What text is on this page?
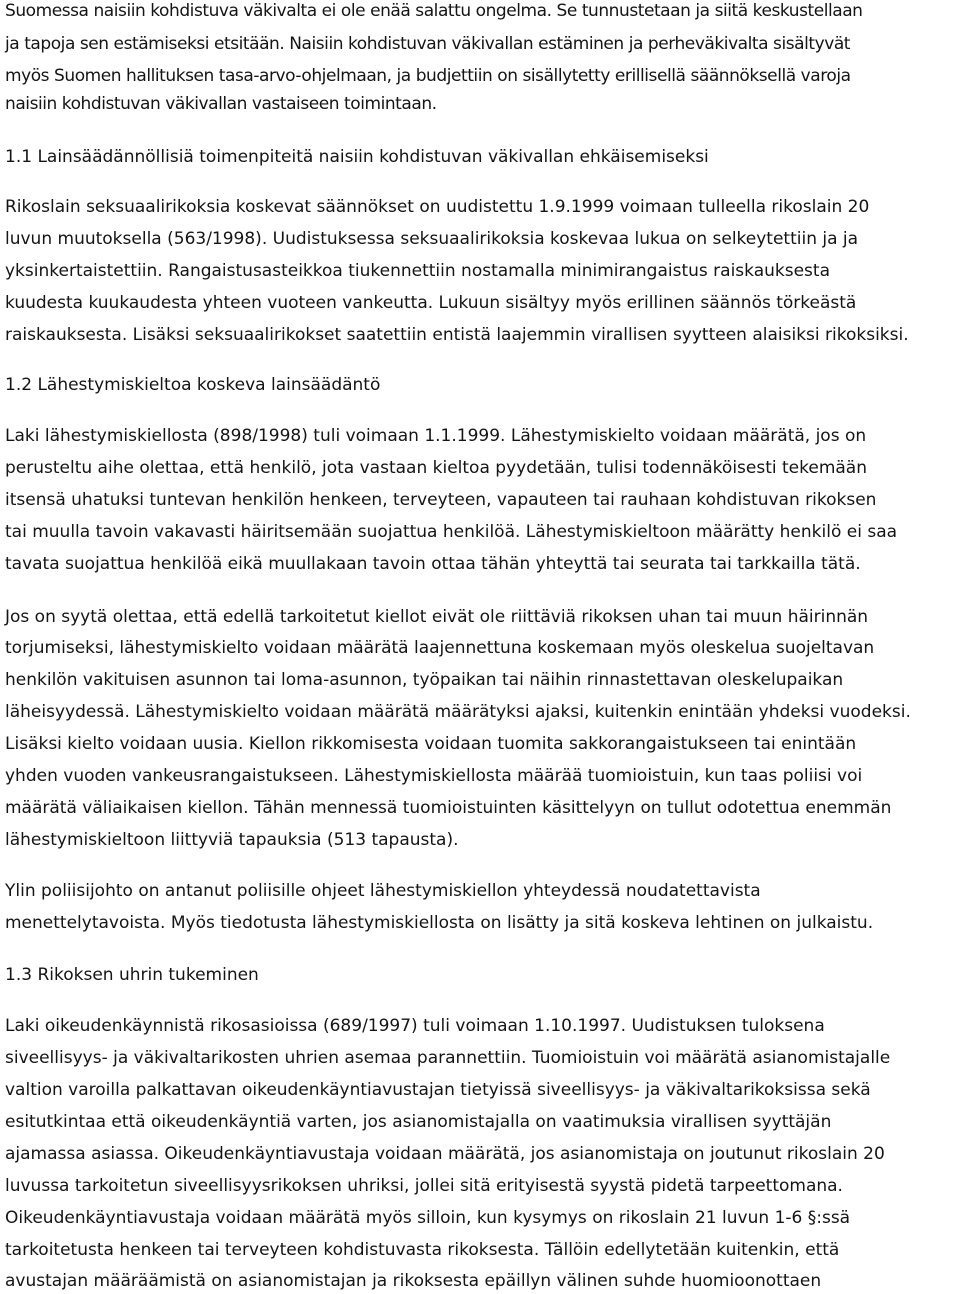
Suomessa naisiin kohdistuva väkivalta ei ole enää salattu ongelma. Se tunnustetaan ja siitä keskustellaan
ja tapoja sen estämiseksi etsitään. Naisiin kohdistuvan väkivallan estäminen ja perheväkivalta sisältyvät
myös Suomen hallituksen tasa-arvo-ohjelmaan, ja budjettiin on sisällytetty erillisellä säännöksellä varoja
naisiin kohdistuvan väkivallan vastaiseen toimintaan.
1.1 Lainsäädännöllisiä toimenpiteitä naisiin kohdistuvan väkivallan ehkäisemiseksi
Rikoslain seksuaalirikoksia koskevat säännökset on uudistettu 1.9.1999 voimaan tulleella rikoslain 20
luvun muutoksella (563/1998). Uudistuksessa seksuaalirikoksia koskevaa lukua on selkeytettiin ja ja
yksinkertaistettiin. Rangaistusasteikkoa tiukennettiin nostamalla minimirangaistus raiskauksesta
kuudesta kuukaudesta yhteen vuoteen vankeutta. Lukuun sisältyy myös erillinen säännös törkeästä
raiskauksesta. Lisäksi seksuaalirikokset saatettiin entistä laajemmin virallisen syytteen alaisiksi rikoksiksi.
1.2 Lähestymiskieltoa koskeva lainsäädäntö
Laki lähestymiskiellosta (898/1998) tuli voimaan 1.1.1999. Lähestymiskielto voidaan määrätä, jos on
perusteltu aihe olettaa, että henkilö, jota vastaan kieltoa pyydetään, tulisi todennäköisesti tekemään
itsensä uhatuksi tuntevan henkilön henkeen, terveyteen, vapauteen tai rauhaan kohdistuvan rikoksen
tai muulla tavoin vakavasti häiritsemään suojattua henkilöä. Lähestymiskieltoon määrätty henkilö ei saa
tavata suojattua henkilöä eikä muullakaan tavoin ottaa tähän yhteyttä tai seurata tai tarkkailla tätä.
Jos on syytä olettaa, että edellä tarkoitetut kiellot eivät ole riittäviä rikoksen uhan tai muun häirinnän
torjumiseksi, lähestymiskielto voidaan määrätä laajennettuna koskemaan myös oleskelua suojeltavan
henkilön vakituisen asunnon tai loma-asunnon, työpaikan tai näihin rinnastettavan oleskelupaikan
läheisyydessä. Lähestymiskielto voidaan määrätä määrätyksi ajaksi, kuitenkin enintään yhdeksi vuodeksi.
Lisäksi kielto voidaan uusia. Kiellon rikkomisesta voidaan tuomita sakkorangaistukseen tai enintään
yhden vuoden vankeusrangaistukseen. Lähestymiskiellosta määrää tuomioistuin, kun taas poliisi voi
määrätä väliaikaisen kiellon. Tähän mennessä tuomioistuinten käsittelyyn on tullut odotettua enemmän
lähestymiskieltoon liittyviä tapauksia (513 tapausta).
Ylin poliisijohto on antanut poliisille ohjeet lähestymiskiellon yhteydessä noudatettavista
menettelytavoista. Myös tiedotusta lähestymiskiellosta on lisätty ja sitä koskeva lehtinen on julkaistu.
1.3 Rikoksen uhrin tukeminen
Laki oikeudenkäynnistä rikosasioissa (689/1997) tuli voimaan 1.10.1997. Uudistuksen tuloksena
siveellisyys- ja väkivaltarikosten uhrien asemaa parannettiin. Tuomioistuin voi määrätä asianomistajalle
valtion varoilla palkattavan oikeudenkäyntiavustajan tietyissä siveellisyys- ja väkivaltarikoksissa sekä
esitutkintaa että oikeudenkäyntiä varten, jos asianomistajalla on vaatimuksia virallisen syyttäjän
ajamassa asiassa. Oikeudenkäyntiavustaja voidaan määrätä, jos asianomistaja on joutunut rikoslain 20
luvussa tarkoitetun siveellisyysrikoksen uhriksi, jollei sitä erityisestä syystä pidetä tarpeettomana.
Oikeudenkäyntiavustaja voidaan määrätä myös silloin, kun kysymys on rikoslain 21 luvun 1-6 §:ssä
tarkoitetusta henkeen tai terveyteen kohdistuvasta rikoksesta. Tällöin edellytetään kuitenkin, että
avustajan määräämistä on asianomistajan ja rikoksesta epäillyn välinen suhde huomioonottaen
